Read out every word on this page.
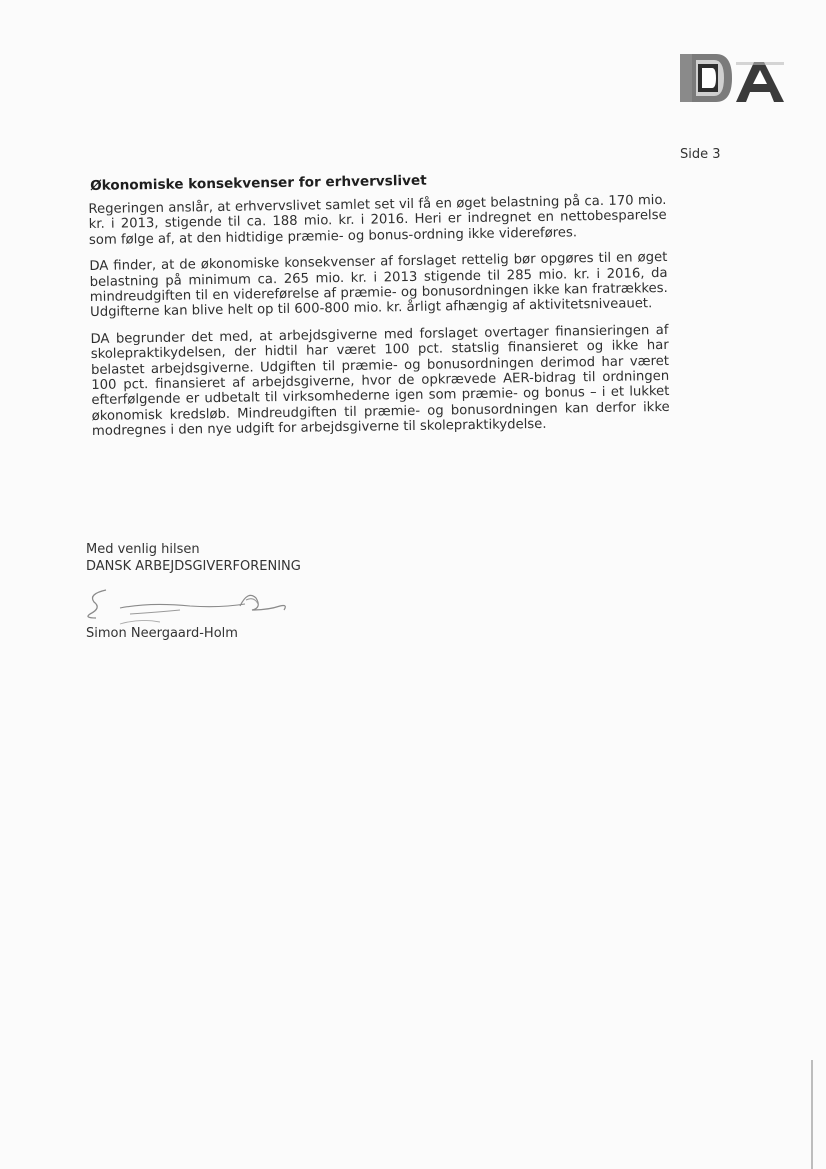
Side 3
Økonomiske konsekvenser for erhvervslivet

Regeringen anslår, at erhvervslivet samlet set vil få en øget belastning på ca. 170 mio. kr. i 2013, stigende til ca. 188 mio. kr. i 2016. Heri er indregnet en nettobesparelse som følge af, at den hidtidige præmie- og bonus-ordning ikke videreføres.

DA finder, at de økonomiske konsekvenser af forslaget rettelig bør opgøres til en øget belastning på minimum ca. 265 mio. kr. i 2013 stigende til 285 mio. kr. i 2016, da mindreudgiften til en videreførelse af præmie- og bonusordningen ikke kan fratrækkes. Udgifterne kan blive helt op til 600-800 mio. kr. årligt afhængig af aktivitetsniveauet.

DA begrunder det med, at arbejdsgiverne med forslaget overtager finansieringen af skolepraktikydelsen, der hidtil har været 100 pct. statslig finansieret og ikke har belastet arbejdsgiverne. Udgiften til præmie- og bonusordningen derimod har været 100 pct. finansieret af arbejdsgiverne, hvor de opkrævede AER-bidrag til ordningen efterfølgende er udbetalt til virksomhederne igen som præmie- og bonus – i et lukket økonomisk kredsløb. Mindreudgiften til præmie- og bonusordningen kan derfor ikke modregnes i den nye udgift for arbejdsgiverne til skolepraktikydelse.

Med venlig hilsen
DANSK ARBEJDSGIVERFORENING
Simon Neergaard-Holm
